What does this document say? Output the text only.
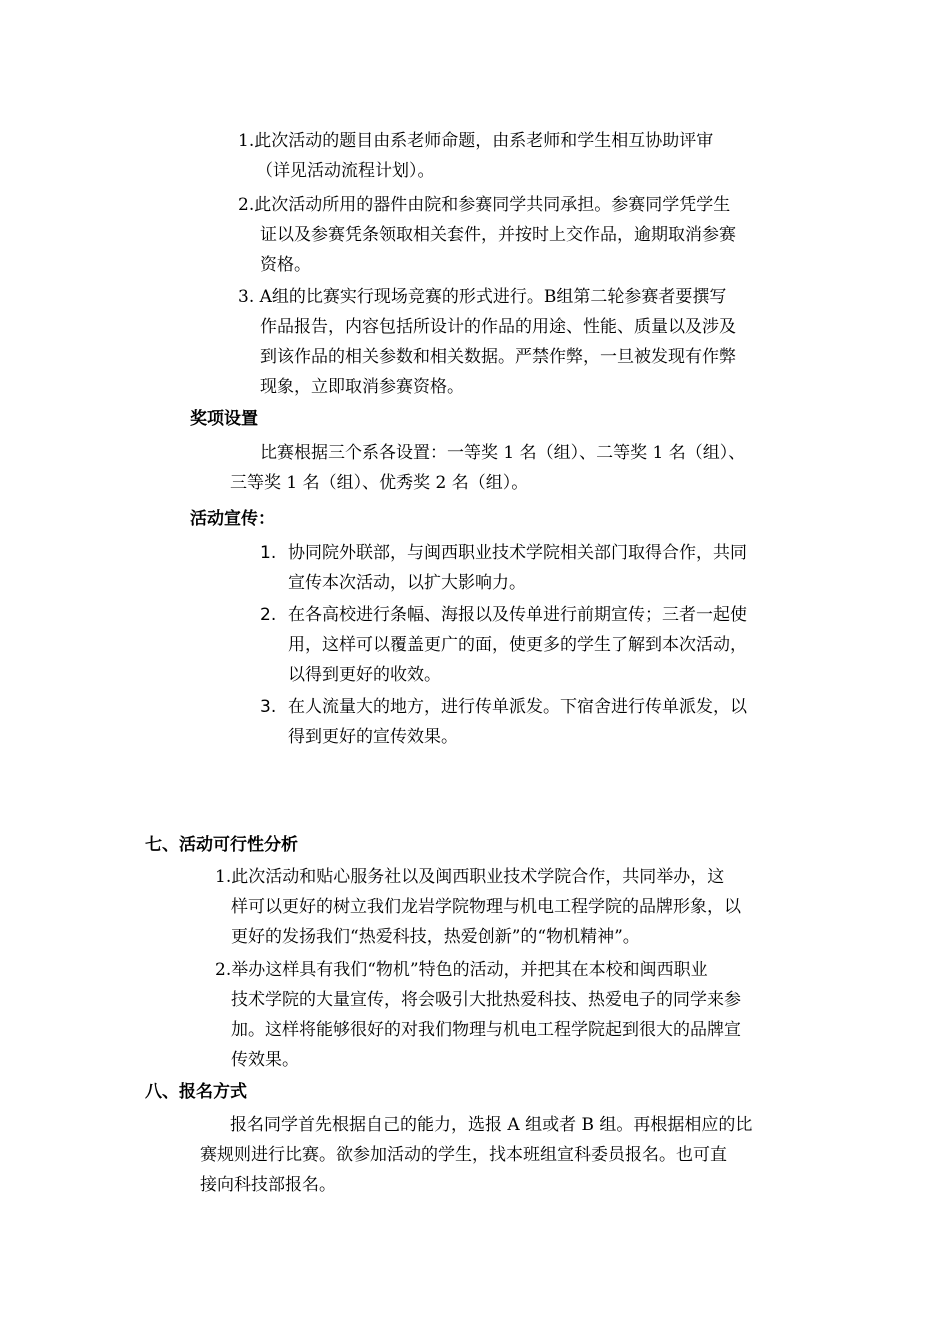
1.此次活动的题目由系老师命题，由系老师和学生相互协助评审
（详见活动流程计划）。
2.此次活动所用的器件由院和参赛同学共同承担。参赛同学凭学生
证以及参赛凭条领取相关套件，并按时上交作品，逾期取消参赛
资格。
3. A组的比赛实行现场竞赛的形式进行。B组第二轮参赛者要撰写
作品报告，内容包括所设计的作品的用途、性能、质量以及涉及
到该作品的相关参数和相关数据。严禁作弊，一旦被发现有作弊
现象，立即取消参赛资格。
奖项设置
比赛根据三个系各设置：一等奖 1 名（组）、二等奖 1 名（组）、
三等奖 1 名（组）、优秀奖 2 名（组）。
活动宣传：
1. 协同院外联部，与闽西职业技术学院相关部门取得合作，共同
宣传本次活动，以扩大影响力。
2. 在各高校进行条幅、海报以及传单进行前期宣传；三者一起使
用，这样可以覆盖更广的面，使更多的学生了解到本次活动，
以得到更好的收效。
3. 在人流量大的地方，进行传单派发。下宿舍进行传单派发，以
得到更好的宣传效果。
七、活动可行性分析
1.此次活动和贴心服务社以及闽西职业技术学院合作，共同举办，这
样可以更好的树立我们龙岩学院物理与机电工程学院的品牌形象，以
更好的发扬我们“热爱科技，热爱创新”的“物机精神”。
2.举办这样具有我们“物机”特色的活动，并把其在本校和闽西职业
技术学院的大量宣传，将会吸引大批热爱科技、热爱电子的同学来参
加。这样将能够很好的对我们物理与机电工程学院起到很大的品牌宣
传效果。
八、报名方式
报名同学首先根据自己的能力，选报 A 组或者 B 组。再根据相应的比
赛规则进行比赛。欲参加活动的学生，找本班组宣科委员报名。也可直
接向科技部报名。
